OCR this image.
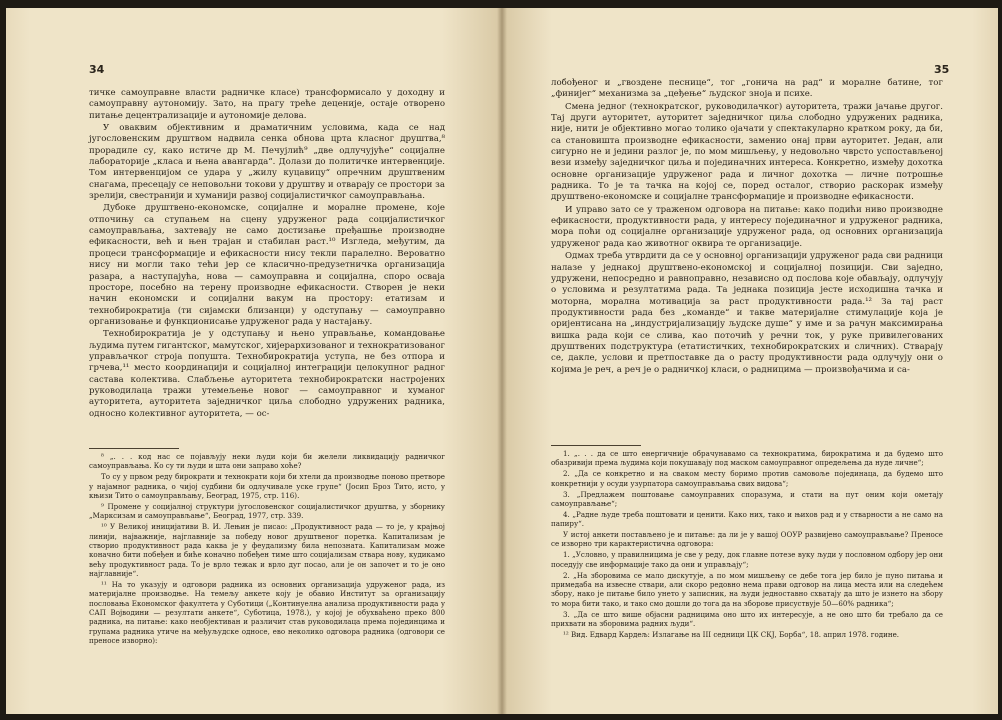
34

тичке самоуправне власти радничке класе) трансформисало у доходну и самоуправну аутономију. Зато, на прагу треће деценије, остаје отворено питање децентрализације и аутономије делова.

У оваквим објективним и драматичним условима, када се над југословенским друштвом надвила сенка обнова црта класног друштва,⁸ прорадиле су, како истиче др М. Печујлић⁹ „две одлучујуће“ социјалне лабораторије „класа и њена авангарда“. Долази до политичке интервенције. Том интервенцијом се удара у „жилу куцавицу“ опречним друштвеним снагама, пресецају се неповољни токови у друштву и отварају се простори за зрелији, свестранији и хуманији развој социјалистичког самоуправљања.

Дубоке друштвено-економске, социјалне и моралне промене, које отпочињу са ступањем на сцену удруженог рада социјалистичког самоуправљања, захтевају не само достизање пређашње производне ефикасности, већ и њен трајан и стабилан раст.¹⁰ Изгледа, међутим, да процеси трансформације и ефикасности нису текли паралелно. Вероватно нису ни могли тако тећи јер се класично-предузетничка организација разара, а наступајућа, нова — самоуправна и социјална, споро осваја просторе, посебно на терену производне ефикасности. Створен је неки начин економски и социјални вакум на простору: етатизам и технобирократија (ти сијамски близанци) у одступању — самоуправно организовање и функционисање удруженог рада у настајању.

Технобирократија је у одступању и њено управљање, командовање људима путем гигантског, мамутског, хијерархизованог и технократизованог управљачког строја попушта. Технобирократија уступа, не без отпора и грчева,¹¹ место координацији и социјалној интеграцији целокупног радног састава колектива. Слабљење ауторитета технобирократски настројених руководилаца тражи утемељење новог — самоуправног и хуманог ауторитета, ауторитета заједничког циља слободно удружених радника, односно колективног ауторитета, — ос-

⁸ „. . . код нас се појављују неки људи који би желели ликвидацију радничког самоуправљања. Ко су ти људи и шта они заправо хоће?

То су у првом реду бирократи и технократи који би хтели да производње поново претворе у најамног радника, о чијој судбини би одлучивале уске групе“ (Јосип Броз Тито, исто, у књизи Тито о самоуправљању, Београд, 1975, стр. 116).

⁹ Промене у социјалној структури југословенског социјалистичког друштва, у зборнику „Марксизам и самоуправљање“, Београд, 1977, стр. 339.

¹⁰ У Великој иницијативи В. И. Лењин је писао: „Продуктивност рада — то је, у крајњој линији, најважније, најглавније за победу новог друштвеног поретка. Капитализам је створио продуктивност рада каква је у феудализму била непозната. Капитализам може коначно бити побеђен и биће коначно побеђен тиме што социјализам ствара нову, кудикамо већу продуктивност рада. То је врло тежак и врло дуг посао, али је он започет и то је оно најглавније“.

¹¹ На то указују и одговори радника из основних организација удруженог рада, из материјалне производње. На темељу анкете коју је обавио Институт за организацију пословања Економског факултета у Суботици („Континуелна анализа продуктивности рада у САП Војводини — резултати анкете“, Суботица, 1978.), у којој је обухваћено преко 800 радника, на питање: како необјективан и различит став руководилаца према појединцима и групама радника утиче на међуљудске односе, ево неколико одговора радника (одговори се преносе изворно):

35

лобођеног и „гвоздене песнице“, тог „гонича на рад“ и моралне батине, тог „финијег“ механизма за „цеђење“ људског зноја и психе.

Смена једног (технократског, руководилачког) ауторитета, тражи јачање другог. Тај други ауторитет, ауторитет заједничког циља слободно удружених радника, није, нити је објективно могао толико ојачати у спектакуларно кратком року, да би, са становишта производне ефикасности, заменио онај први ауторитет. Један, али сигурно не и једини разлог је, по мом мишљењу, у недовољно чврсто успостављеној вези између заједничког циља и појединачних интереса. Конкретно, између дохотка основне организације удруженог рада и личног дохотка — личне потрошње радника. То је та тачка на којој се, поред осталог, створио раскорак између друштвено-економске и социјалне трансформације и производне ефикасности.

И управо зато се у траженом одговора на питање: како подићи ниво производне ефикасности, продуктивности рада, у интересу појединачног и удруженог радника, мора поћи од социјалне организације удруженог рада, од основних организација удруженог рада као животног оквира те организације.

Одмах треба утврдити да се у основној организацији удруженог рада сви радници налазе у једнакој друштвено-економској и социјалној позицији. Сви заједно, удружени, непосредно и равноправно, независно од послова које обављају, одлучују о условима и резултатима рада. Та једнака позиција јесте исходишна тачка и моторна, морална мотивација за раст продуктивности рада.¹² За тај раст продуктивности рада без „команде“ и такве материјалне стимулације која је оријентисана на „индустријализацију људске душе“ у име и за рачун максимирања вишка рада који се слива, као поточић у речни ток, у руке привилегованих друштвених подструктура (етатистичких, технобирократских и сличних). Стварају се, дакле, услови и претпоставке да о расту продуктивности рада одлучују они о којима је реч, а реч је о радничкој класи, о радницима — произвођачима и са-

1. „. . . да се што енергичније обрачунавамо са технократима, бирократима и да будемо што обазривији према људима који покушавају под маском самоуправног опредељења да нуде личне“;

2. „Да се конкретно и на сваком месту боримо против самовоље појединаца, да будемо што конкретнији у осуди узурпатора самоуправљања свих видова“;

3. „Предлажем поштовање самоуправних споразума, и стати на пут оним који ометају самоуправљање“;

4. „Радне људе треба поштовати и ценити. Како них, тако и њихов рад и у стварности а не само на папиру“.

У истој анкети постављено је и питање: да ли је у вашој ООУР развијено самоуправљање? Преносе се изворно три карактеристична одговора:

1. „Условно, у правилницима је све у реду, док главне потезе вуку људи у пословном одбору јер они поседују све информације тако да они и управљају“;

2. „На зборовима се мало дискутује, а по мом мишљењу се дебе тога јер било је пуно питања и примедаба на извесне ствари, али скоро редовно нема прави одговор на лица места или на следећем збору, нако је питање било унето у записник, на људи једноставно схватају да што је изнето на збору то мора бити тако, и тако смо дошли до тога да на зборове присуствује 50—60% радника“;

3. „Да се што више објасни радницима оно што их интересује, а не оно што би требало да се прихвати на зборовима радних људи“.

¹² Вид. Едвард Кардељ: Излагање на III седници ЦК СКЈ, Борба“, 18. април 1978. године.
